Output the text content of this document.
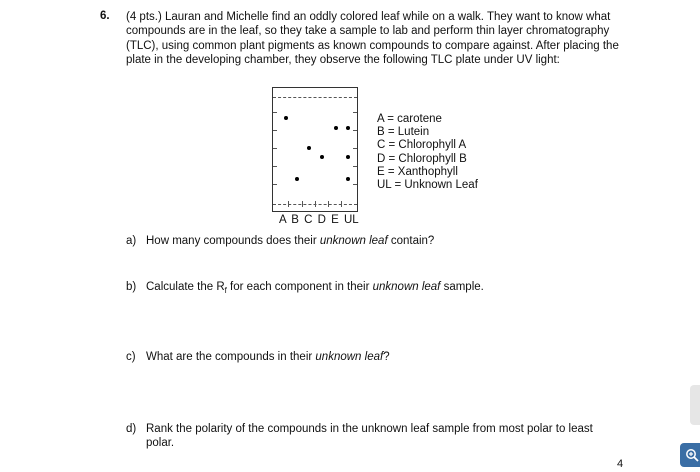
6. (4 pts.) Lauran and Michelle find an oddly colored leaf while on a walk. They want to know what compounds are in the leaf, so they take a sample to lab and perform thin layer chromatography (TLC), using common plant pigments as known compounds to compare against. After placing the plate in the developing chamber, they observe the following TLC plate under UV light:
A B C D E UL
A = carotene
B = Lutein
C = Chlorophyll A
D = Chlorophyll B
E = Xanthophyll
UL = Unknown Leaf
a) How many compounds does their unknown leaf contain?
b) Calculate the $R_f$ for each component in their unknown leaf sample.
c) What are the compounds in their unknown leaf?
d) Rank the polarity of the compounds in the unknown leaf sample from most polar to least polar.
4
